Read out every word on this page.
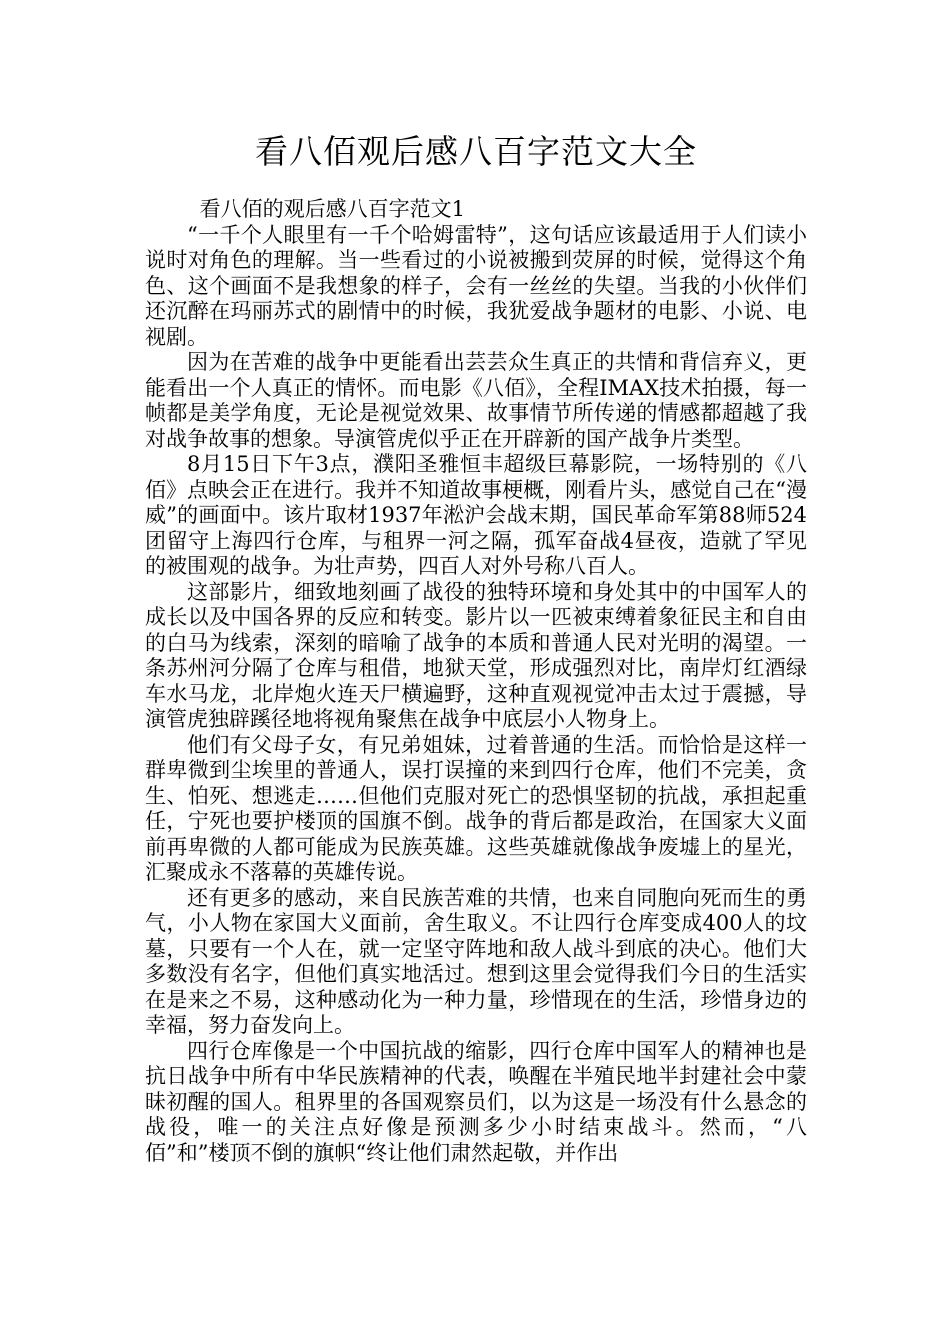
看八佰观后感八百字范文大全

看八佰的观后感八百字范文1

“一千个人眼里有一千个哈姆雷特”，这句话应该最适用于人们读小说时对角色的理解。当一些看过的小说被搬到荧屏的时候，觉得这个角色、这个画面不是我想象的样子，会有一丝丝的失望。当我的小伙伴们还沉醉在玛丽苏式的剧情中的时候，我犹爱战争题材的电影、小说、电视剧。

因为在苦难的战争中更能看出芸芸众生真正的共情和背信弃义，更能看出一个人真正的情怀。而电影《八佰》，全程IMAX技术拍摄，每一帧都是美学角度，无论是视觉效果、故事情节所传递的情感都超越了我对战争故事的想象。导演管虎似乎正在开辟新的国产战争片类型。

8月15日下午3点，濮阳圣雅恒丰超级巨幕影院，一场特别的《八佰》点映会正在进行。我并不知道故事梗概，刚看片头，感觉自己在“漫威”的画面中。该片取材1937年淞沪会战末期，国民革命军第88师524团留守上海四行仓库，与租界一河之隔，孤军奋战4昼夜，造就了罕见的被围观的战争。为壮声势，四百人对外号称八百人。

这部影片，细致地刻画了战役的独特环境和身处其中的中国军人的成长以及中国各界的反应和转变。影片以一匹被束缚着象征民主和自由的白马为线索，深刻的暗喻了战争的本质和普通人民对光明的渴望。一条苏州河分隔了仓库与租借，地狱天堂，形成强烈对比，南岸灯红酒绿车水马龙，北岸炮火连天尸横遍野，这种直观视觉冲击太过于震撼，导演管虎独辟蹊径地将视角聚焦在战争中底层小人物身上。

他们有父母子女，有兄弟姐妹，过着普通的生活。而恰恰是这样一群卑微到尘埃里的普通人，误打误撞的来到四行仓库，他们不完美，贪生、怕死、想逃走……但他们克服对死亡的恐惧坚韧的抗战，承担起重任，宁死也要护楼顶的国旗不倒。战争的背后都是政治，在国家大义面前再卑微的人都可能成为民族英雄。这些英雄就像战争废墟上的星光，汇聚成永不落幕的英雄传说。

还有更多的感动，来自民族苦难的共情，也来自同胞向死而生的勇气，小人物在家国大义面前，舍生取义。不让四行仓库变成400人的坟墓，只要有一个人在，就一定坚守阵地和敌人战斗到底的决心。他们大多数没有名字，但他们真实地活过。想到这里会觉得我们今日的生活实在是来之不易，这种感动化为一种力量，珍惜现在的生活，珍惜身边的幸福，努力奋发向上。

四行仓库像是一个中国抗战的缩影，四行仓库中国军人的精神也是抗日战争中所有中华民族精神的代表，唤醒在半殖民地半封建社会中蒙昧初醒的国人。租界里的各国观察员们，以为这是一场没有什么悬念的战役，唯一的关注点好像是预测多少小时结束战斗。然而，“八佰”和”楼顶不倒的旗帜“终让他们肃然起敬，并作出
